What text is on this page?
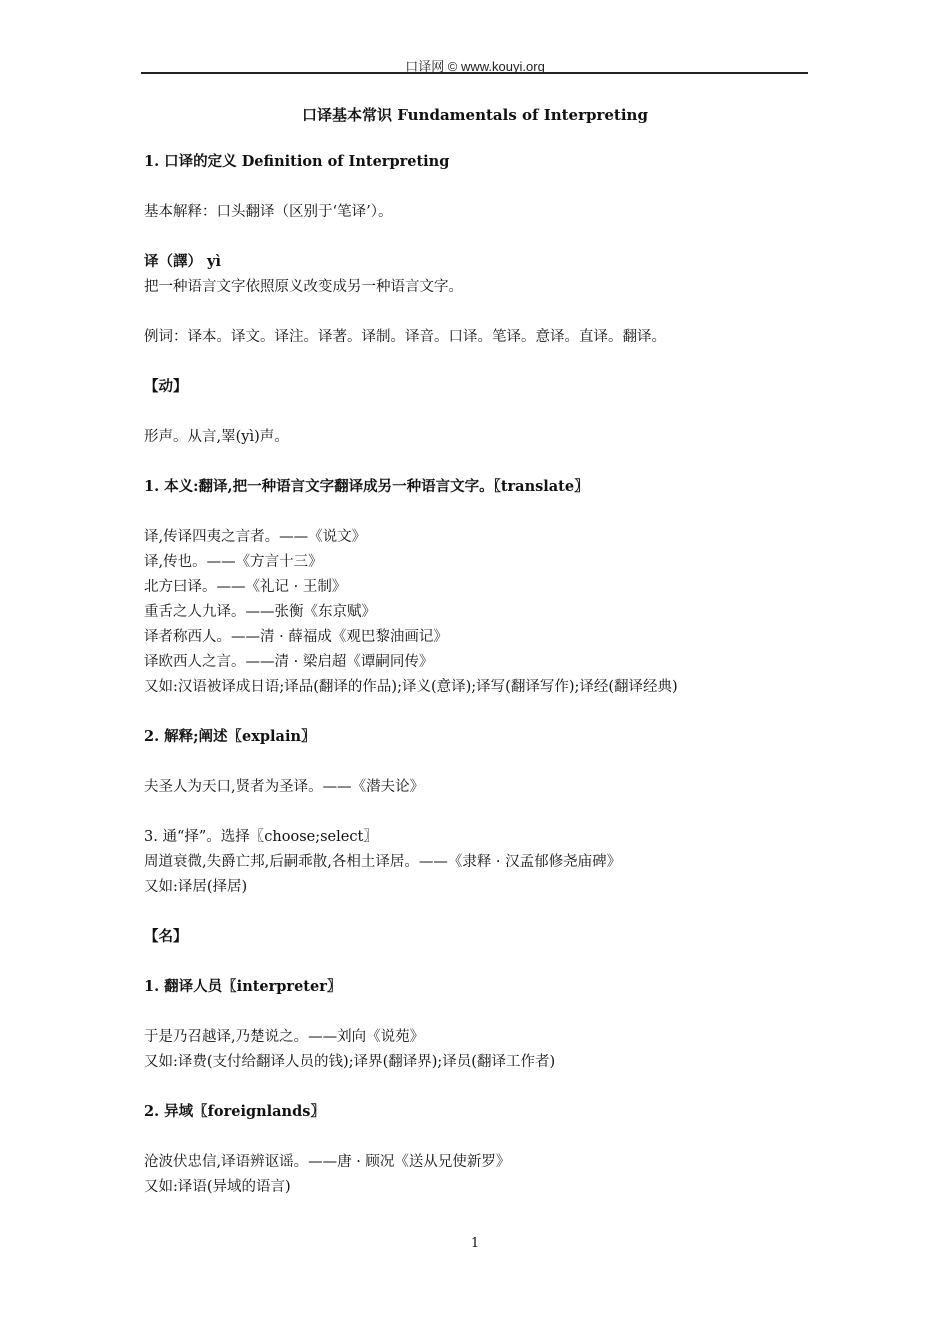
口译网 © www.kouyi.org
口译基本常识 Fundamentals of Interpreting
1. 口译的定义 Definition of Interpreting
基本解释：口头翻译（区别于‘笔译’）。
译（譯） yì
把一种语言文字依照原义改变成另一种语言文字。
例词：译本。译文。译注。译著。译制。译音。口译。笔译。意译。直译。翻译。
【动】
形声。从言,睪(yì)声。
1. 本义:翻译,把一种语言文字翻译成另一种语言文字。〖translate〗
译,传译四夷之言者。——《说文》
译,传也。——《方言十三》
北方曰译。——《礼记 · 王制》
重舌之人九译。——张衡《东京赋》
译者称西人。——清 · 薛福成《观巴黎油画记》
译欧西人之言。——清 · 梁启超《谭嗣同传》
又如:汉语被译成日语;译品(翻译的作品);译义(意译);译写(翻译写作);译经(翻译经典)
2. 解释;阐述〖explain〗
夫圣人为天口,贤者为圣译。——《潜夫论》
3. 通“择”。选择〖choose;select〗
周道衰微,失爵亡邦,后嗣乖散,各相土译居。——《隶释 · 汉孟郁修尧庙碑》
又如:译居(择居)
【名】
1. 翻译人员〖interpreter〗
于是乃召越译,乃楚说之。——刘向《说苑》
又如:译费(支付给翻译人员的钱);译界(翻译界);译员(翻译工作者)
2. 异域〖foreignlands〗
沧波伏忠信,译语辨讴谣。——唐 · 顾况《送从兄使新罗》
又如:译语(异域的语言)
1
